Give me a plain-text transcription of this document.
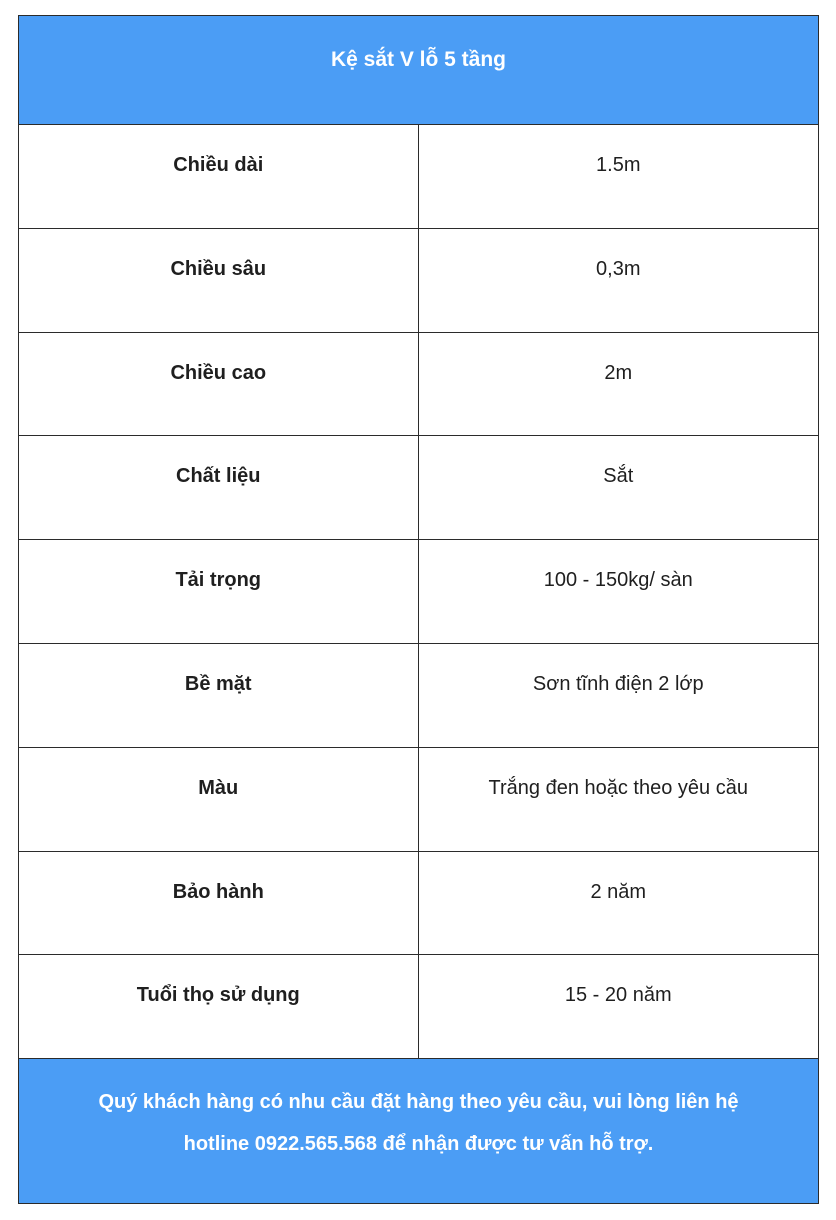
Kệ sắt V lỗ 5 tầng
Chiều dài	1.5m
Chiều sâu	0,3m
Chiều cao	2m
Chất liệu	Sắt
Tải trọng	100 - 150kg/ sàn
Bề mặt	Sơn tĩnh điện 2 lớp
Màu	Trắng đen hoặc theo yêu cầu
Bảo hành	2 năm
Tuổi thọ sử dụng	15 - 20 năm
Quý khách hàng có nhu cầu đặt hàng theo yêu cầu, vui lòng liên hệ
hotline 0922.565.568 để nhận được tư vấn hỗ trợ.
